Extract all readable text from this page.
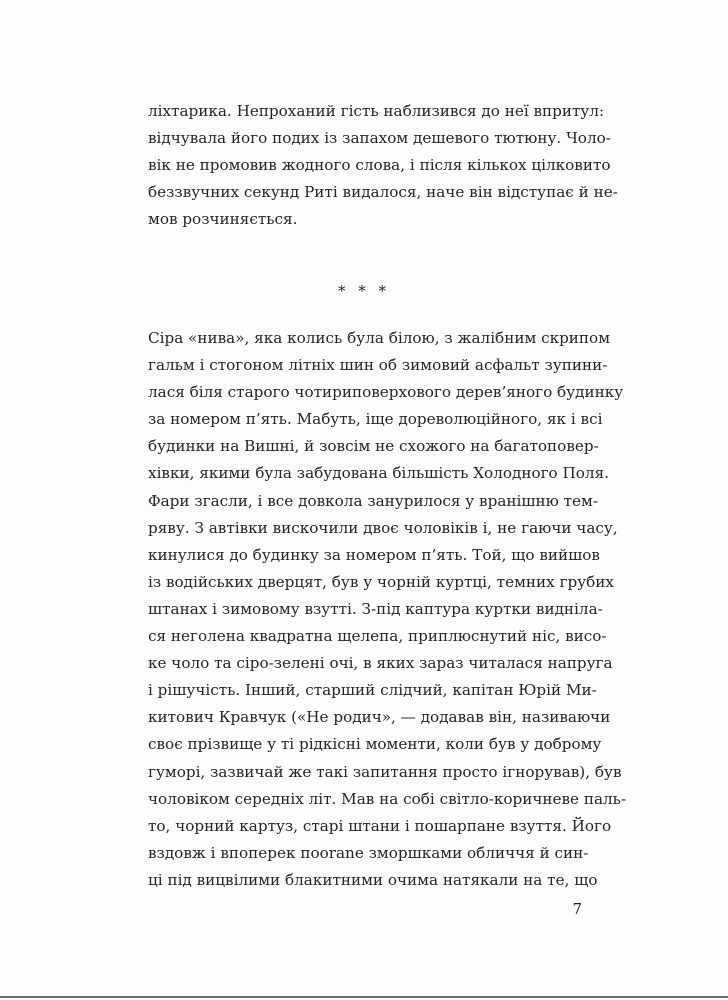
ліхтарика. Непроханий гість наблизився до неї впритул:
відчувала його подих із запахом дешевого тютюну. Чоло-
вік не промовив жодного слова, і після кількох цілковито
беззвучних секунд Риті видалося, наче він відступає й не-
мов розчиняється.
* * *
Сіра «нива», яка колись була білою, з жалібним скрипом
гальм і стогоном літніх шин об зимовий асфальт зупини-
лася біля старого чотириповерхового дерев’яного будинку
за номером п’ять. Мабуть, іще дореволюційного, як і всі
будинки на Вишні, й зовсім не схожого на багатоповер-
хівки, якими була забудована більшість Холодного Поля.
Фари згасли, і все довкола занурилося у вранішню тем-
ряву. З автівки вискочили двоє чоловіків і, не гаючи часу,
кинулися до будинку за номером п’ять. Той, що вийшов
із водійських дверцят, був у чорній куртці, темних грубих
штанах і зимовому взутті. З-під каптура куртки видніла-
ся неголена квадратна щелепа, приплюснутий ніс, висо-
ке чоло та сіро-зелені очі, в яких зараз читалася напруга
і рішучість. Інший, старший слідчий, капітан Юрій Ми-
китович Кравчук («Не родич», — додавав він, називаючи
своє прізвище у ті рідкісні моменти, коли був у доброму
гуморі, зазвичай же такі запитання просто ігнорував), був
чоловіком середніх літ. Мав на собі світло-коричневе паль-
то, чорний картуз, старі штани і пошарпане взуття. Його
вздовж і впоперек поorane зморшками обличчя й син-
ці під вицвілими блакитними очима натякали на те, що
7
